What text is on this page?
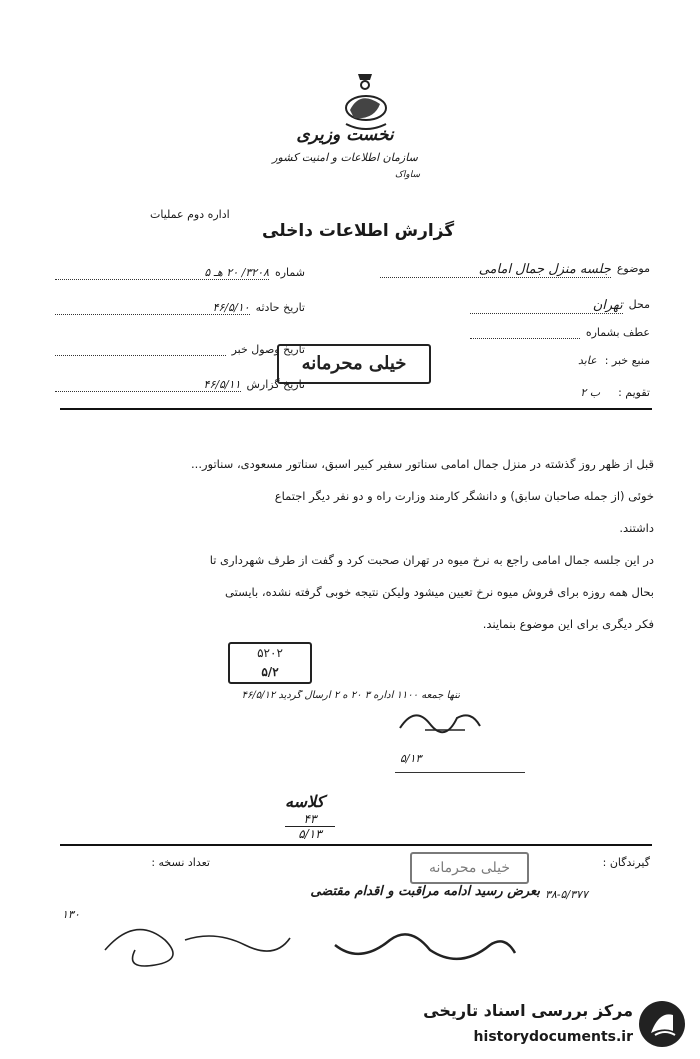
نخست وزیری
سازمان اطلاعات و امنیت کشور
ساواک
اداره دوم عملیات
گزارش اطلاعات داخلی
موضوع
جلسه منزل جمال امامی
محل
تهران
عطف بشماره
منبع خبر :
عابد
تقویم :
ب ۲
شماره
۳۲۰۸/ ۲۰ هـ ۵
تاریخ حادثه
۴۶/۵/۱۰
تاریخ وصول خبر
تاریخ گزارش
۴۶/۵/۱۱
خیلی محرمانه
قبل از ظهر روز گذشته در منزل جمال امامی سناتور سفیر کبیر اسبق، سناتور مسعودی، سناتور...
خوئی (از جمله صاحبان سابق) و دانشگر کارمند وزارت راه و دو نفر دیگر اجتماع
داشتند.
در این جلسه جمال امامی راجع به نرخ میوه در تهران صحبت کرد و گفت از طرف شهرداری تا
بحال همه روزه برای فروش میوه نرخ تعیین میشود ولیکن نتیجه خوبی گرفته نشده، بایستی
فکر دیگری برای این موضوع بنمایند.
۵۲۰۲
۵/۲
تنها جمعه ۱۱۰۰ اداره ۳ ۲۰ ه ۲ ارسال گردید ۴۶/۵/۱۲
۵/۱۳
کلاسه
۴۳
۵/۱۳
گیرندگان :
تعداد نسخه :	خیلی محرمانه
بعرض رسید ادامه مراقبت و اقدام مقتضی ۳۸-۵/۳۷۷
۱۳۰
مرکز بررسی اسناد تاریخی
historydocuments.ir
